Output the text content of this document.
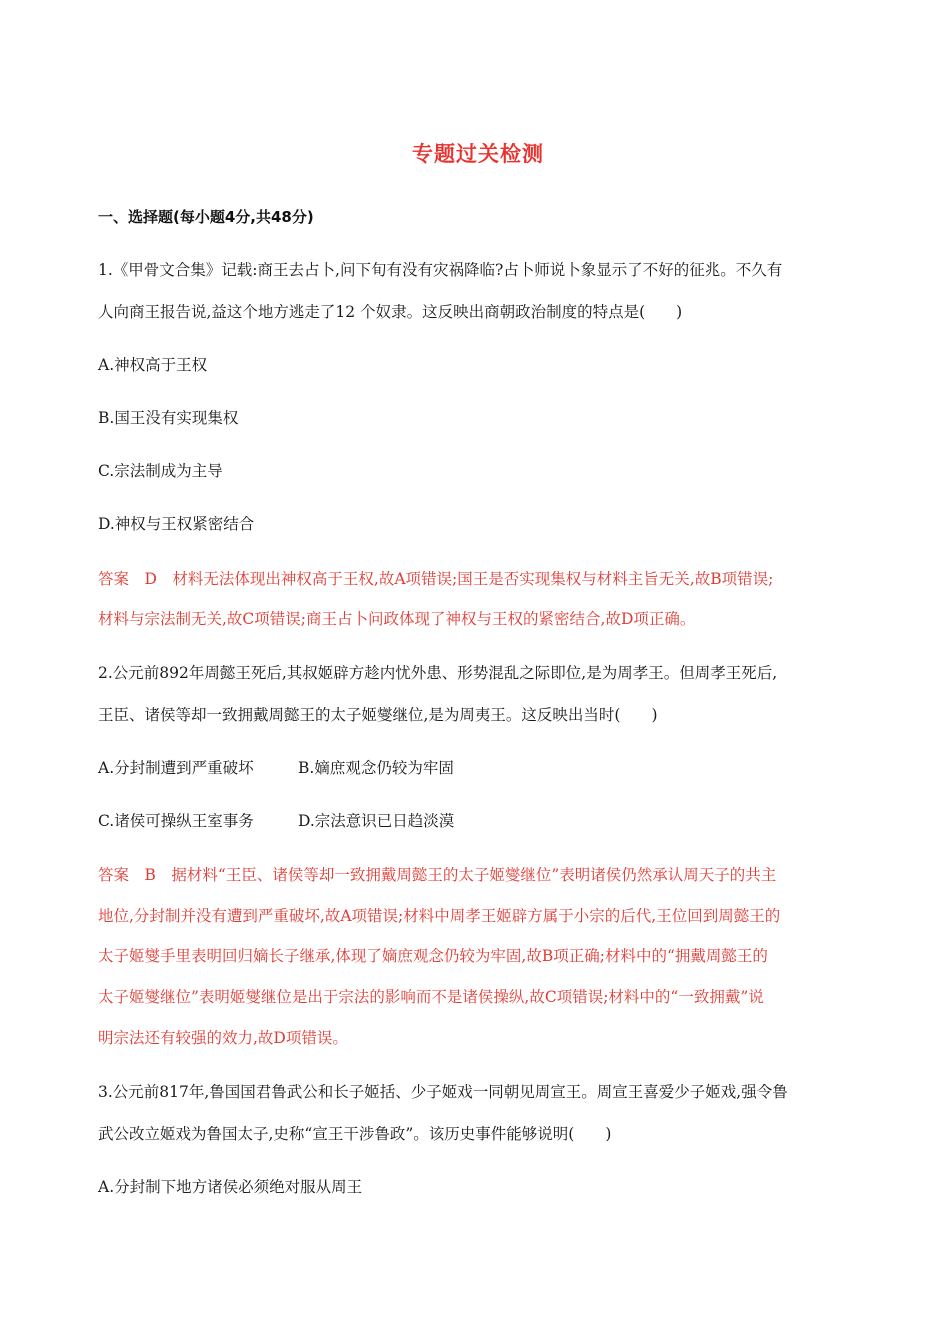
专题过关检测
一、选择题(每小题4分,共48分)
1.《甲骨文合集》记载:商王去占卜,问下旬有没有灾祸降临?占卜师说卜象显示了不好的征兆。不久有
人向商王报告说,益这个地方逃走了12 个奴隶。这反映出商朝政治制度的特点是(　　)
A.神权高于王权
B.国王没有实现集权
C.宗法制成为主导
D.神权与王权紧密结合
答案　D　材料无法体现出神权高于王权,故A项错误;国王是否实现集权与材料主旨无关,故B项错误;
材料与宗法制无关,故C项错误;商王占卜问政体现了神权与王权的紧密结合,故D项正确。
2.公元前892年周懿王死后,其叔姬辟方趁内忧外患、形势混乱之际即位,是为周孝王。但周孝王死后,
王臣、诸侯等却一致拥戴周懿王的太子姬燮继位,是为周夷王。这反映出当时(　　)
A.分封制遭到严重破坏	B.嫡庶观念仍较为牢固
C.诸侯可操纵王室事务	D.宗法意识已日趋淡漠
答案　B　据材料“王臣、诸侯等却一致拥戴周懿王的太子姬燮继位”表明诸侯仍然承认周天子的共主
地位,分封制并没有遭到严重破坏,故A项错误;材料中周孝王姬辟方属于小宗的后代,王位回到周懿王的
太子姬燮手里表明回归嫡长子继承,体现了嫡庶观念仍较为牢固,故B项正确;材料中的“拥戴周懿王的
太子姬燮继位”表明姬燮继位是出于宗法的影响而不是诸侯操纵,故C项错误;材料中的“一致拥戴”说
明宗法还有较强的效力,故D项错误。
3.公元前817年,鲁国国君鲁武公和长子姬括、少子姬戏一同朝见周宣王。周宣王喜爱少子姬戏,强令鲁
武公改立姬戏为鲁国太子,史称“宣王干涉鲁政”。该历史事件能够说明(　　)
A.分封制下地方诸侯必须绝对服从周王
